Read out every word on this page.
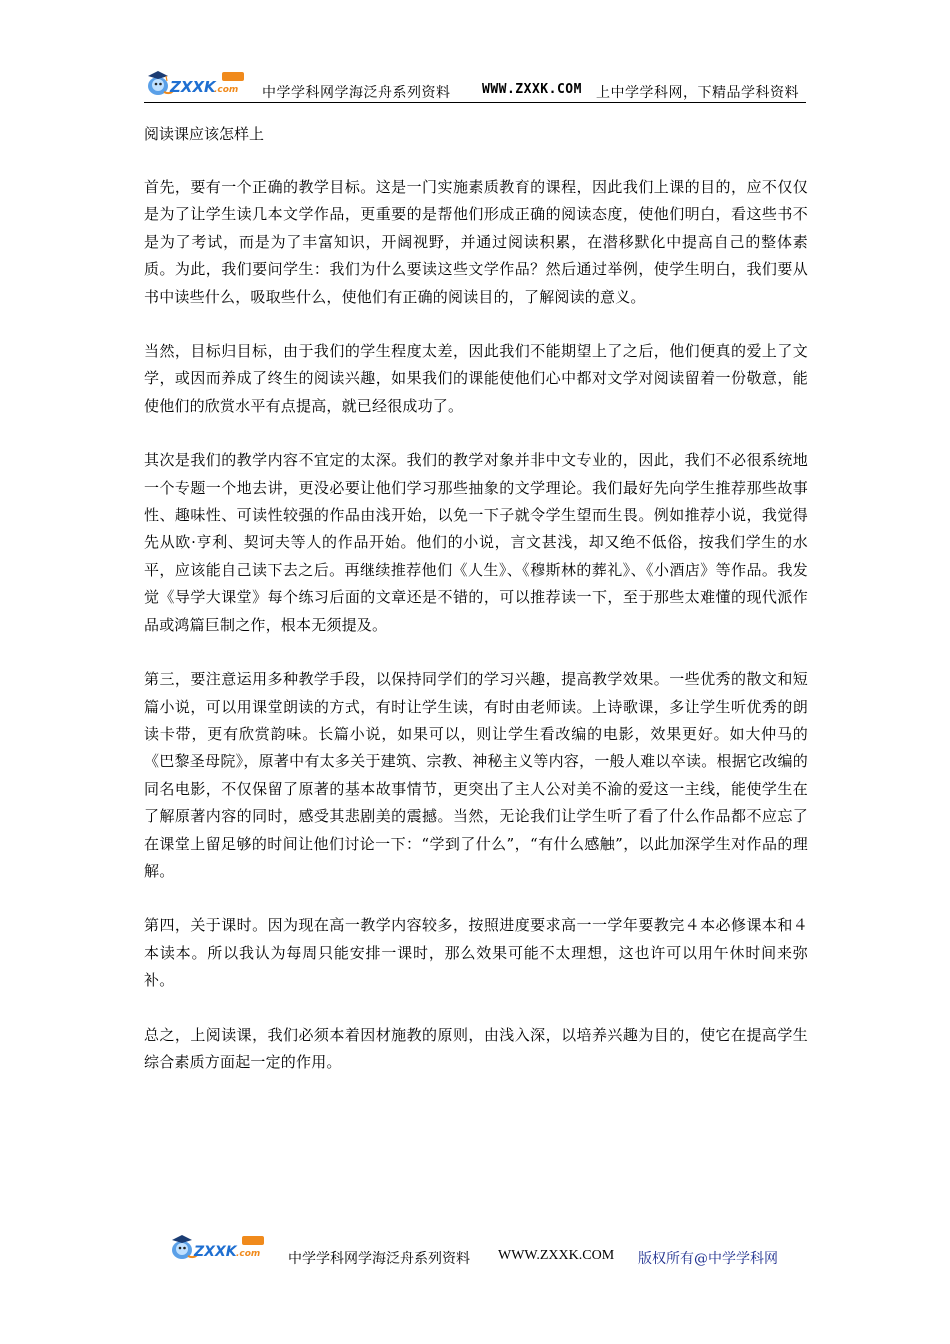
ZXXK
.com 中学学科网学海泛舟系列资料 WWW.ZXXK.COM 上中学学科网，下精品学科资料

阅读课应该怎样上

首先，要有一个正确的教学目标。这是一门实施素质教育的课程，因此我们上课的目的，应不仅仅是为了让学生读几本文学作品，更重要的是帮他们形成正确的阅读态度，使他们明白，看这些书不是为了考试，而是为了丰富知识，开阔视野，并通过阅读积累，在潜移默化中提高自己的整体素质。为此，我们要问学生：我们为什么要读这些文学作品？然后通过举例，使学生明白，我们要从书中读些什么，吸取些什么，使他们有正确的阅读目的，了解阅读的意义。

当然，目标归目标，由于我们的学生程度太差，因此我们不能期望上了之后，他们便真的爱上了文学，或因而养成了终生的阅读兴趣，如果我们的课能使他们心中都对文学对阅读留着一份敬意，能使他们的欣赏水平有点提高，就已经很成功了。

其次是我们的教学内容不宜定的太深。我们的教学对象并非中文专业的，因此，我们不必很系统地一个专题一个地去讲，更没必要让他们学习那些抽象的文学理论。我们最好先向学生推荐那些故事性、趣味性、可读性较强的作品由浅开始，以免一下子就令学生望而生畏。例如推荐小说，我觉得先从欧·亨利、契诃夫等人的作品开始。他们的小说，言文甚浅，却又绝不低俗，按我们学生的水平，应该能自己读下去之后。再继续推荐他们《人生》、《穆斯林的葬礼》、《小酒店》等作品。我发觉《导学大课堂》每个练习后面的文章还是不错的，可以推荐读一下，至于那些太难懂的现代派作品或鸿篇巨制之作，根本无须提及。

第三，要注意运用多种教学手段，以保持同学们的学习兴趣，提高教学效果。一些优秀的散文和短篇小说，可以用课堂朗读的方式，有时让学生读，有时由老师读。上诗歌课，多让学生听优秀的朗读卡带，更有欣赏韵味。长篇小说，如果可以，则让学生看改编的电影，效果更好。如大仲马的《巴黎圣母院》，原著中有太多关于建筑、宗教、神秘主义等内容，一般人难以卒读。根据它改编的同名电影，不仅保留了原著的基本故事情节，更突出了主人公对美不渝的爱这一主线，能使学生在了解原著内容的同时，感受其悲剧美的震撼。当然，无论我们让学生听了看了什么作品都不应忘了在课堂上留足够的时间让他们讨论一下：“学到了什么”，“有什么感触”，以此加深学生对作品的理解。

第四，关于课时。因为现在高一教学内容较多，按照进度要求高一一学年要教完４本必修课本和４本读本。所以我认为每周只能安排一课时，那么效果可能不太理想，这也许可以用午休时间来弥补。

总之，上阅读课，我们必须本着因材施教的原则，由浅入深，以培养兴趣为目的，使它在提高学生综合素质方面起一定的作用。

ZXXK .com 中学学科网学海泛舟系列资料 WWW.ZXXK.COM 版权所有@中学学科网
